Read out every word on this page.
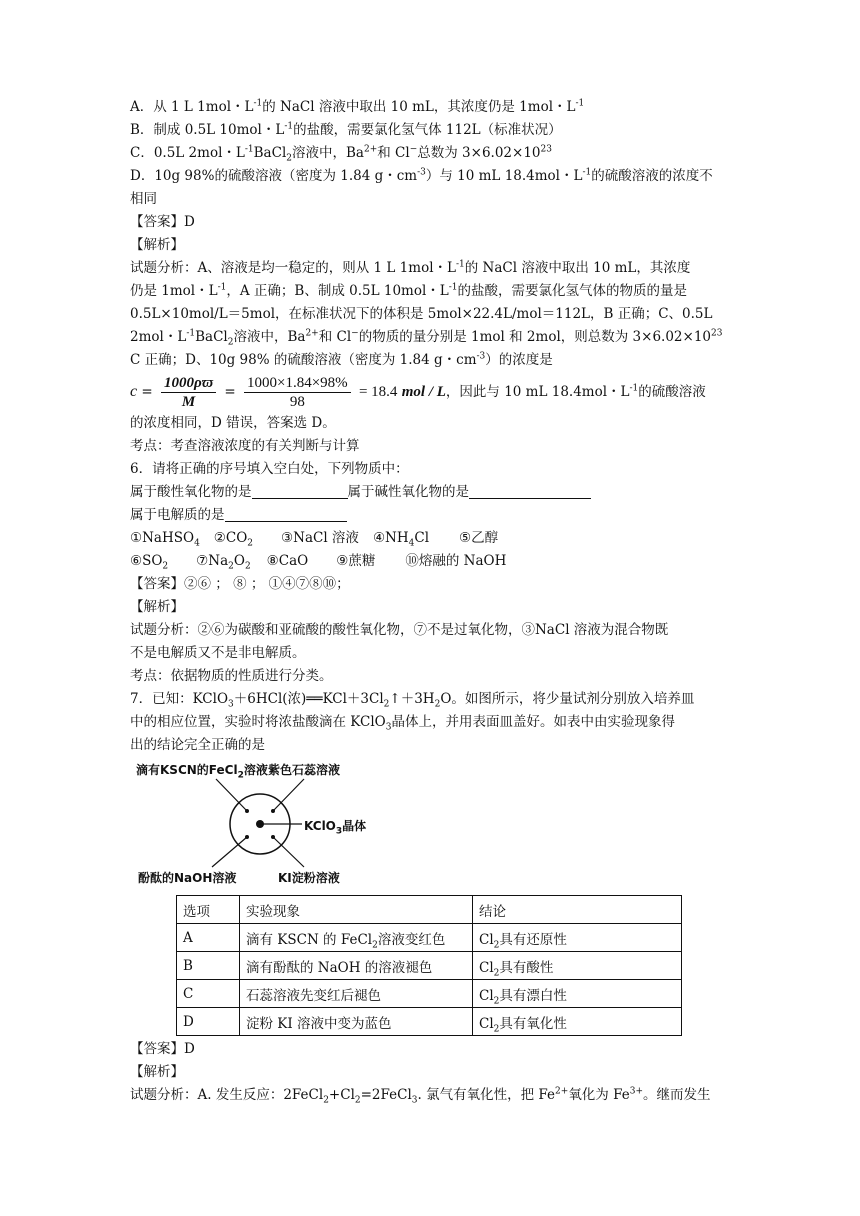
A．从 1 L 1mol・$L^{-1}$的 NaCl 溶液中取出 10 mL，其浓度仍是 1mol・$L^{-1}$
B．制成 0.5L 10mol・$L^{-1}$的盐酸，需要氯化氢气体 112L（标准状况）
C．0.5L 2mol・$L^{-1}BaCl_2$溶液中，$Ba^{2+}$和 Cl−总数为 $3\times 6.02\times 10^{23}$
D．10g 98%的硫酸溶液（密度为 1.84 g・$cm^{-3}$）与 10 mL 18.4mol・$L^{-1}$的硫酸溶液的浓度不
相同
【答案】D
【解析】
试题分析：A、溶液是均一稳定的，则从 1 L 1mol・$L^{-1}$的 NaCl 溶液中取出 10 mL，其浓度
仍是 1mol・$L^{-1}$，A 正确；B、制成 0.5L 10mol・$L^{-1}$的盐酸，需要氯化氢气体的物质的量是
0.5L×10mol/L＝5mol，在标准状况下的体积是 5mol×22.4L/mol＝112L，B 正确；C、0.5L
2mol・$L^{-1}BaCl_2$溶液中，$Ba^{2+}$和 Cl−的物质的量分别是 1mol 和 2mol，则总数为 $3\times 6.02\times 10^{23}$
C 正确；D、10g 98% 的硫酸溶液（密度为 1.84 g・$cm^{-3}$）的浓度是
$c = \frac{1000\rho ϖ}{M} = \frac{1000\times 1.84\times 98\%}{98} = 18.4$ mol / L，因此与 10 mL 18.4mol・$L^{-1}$的硫酸溶液
的浓度相同，D 错误，答案选 D。
考点：考查溶液浓度的有关判断与计算
6．请将正确的序号填入空白处，下列物质中：
属于酸性氧化物的是	属于碱性氧化物的是
属于电解质的是
①NaHSO$_4$ $②CO_2$ ③NaCl 溶液 $④NH_4Cl$ ⑤乙醇
$⑥SO_2$ $⑦Na_2O_2$ ⑧CaO ⑨蔗糖 ⑩熔融的 NaOH
【答案】②⑥ ； ⑧ ； ①④⑦⑧⑩；
【解析】
试题分析：②⑥为碳酸和亚硫酸的酸性氧化物，⑦不是过氧化物，③NaCl 溶液为混合物既
不是电解质又不是非电解质。
考点：依据物质的性质进行分类。
7．已知：KClO$_3$＋6HCl(浓)$══KCl+3Cl_2↑+3H_2O$。如图所示，将少量试剂分别放入培养皿
中的相应位置，实验时将浓盐酸滴在 KClO$_3$晶体上，并用表面皿盖好。如表中由实验现象得
出的结论完全正确的是
滴有KSCN的FeCl$_2$溶液 紫色石蕊溶液
KClO$_3$晶体
酚酞的NaOH溶液	KI淀粉溶液
选项	实验现象	结论
A	滴有 KSCN 的 FeCl$_2$溶液变红色	$Cl_2$具有还原性
B	滴有酚酞的 NaOH 的溶液褪色	$Cl_2$具有酸性
C	石蕊溶液先变红后褪色	$Cl_2$具有漂白性
D	淀粉 KI 溶液中变为蓝色	$Cl_2$具有氧化性
【答案】D
【解析】
试题分析：A. 发生反应：$2FeCl_2+Cl_2=2FeCl_3$. 氯气有氧化性，把 $Fe^{2+}$氧化为 $Fe^{3+}$。继而发生
